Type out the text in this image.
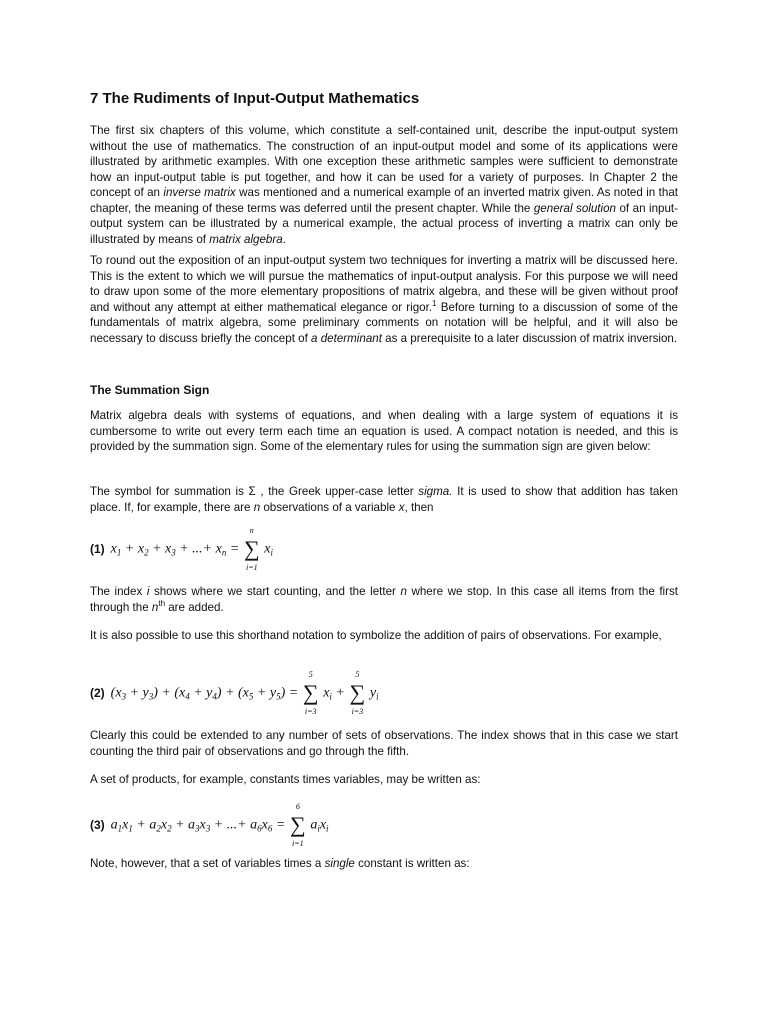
7 The Rudiments of Input-Output Mathematics

The first six chapters of this volume, which constitute a self-contained unit, describe the input-output system without the use of mathematics. The construction of an input-output model and some of its applications were illustrated by arithmetic examples. With one exception these arithmetic samples were sufficient to demonstrate how an input-output table is put together, and how it can be used for a variety of purposes. In Chapter 2 the concept of an inverse matrix was mentioned and a numerical example of an inverted matrix given. As noted in that chapter, the meaning of these terms was deferred until the present chapter. While the general solution of an input-output system can be illustrated by a numerical example, the actual process of inverting a matrix can only be illustrated by means of matrix algebra.

To round out the exposition of an input-output system two techniques for inverting a matrix will be discussed here. This is the extent to which we will pursue the mathematics of input-output analysis. For this purpose we will need to draw upon some of the more elementary propositions of matrix algebra, and these will be given without proof and without any attempt at either mathematical elegance or rigor.$^1$ Before turning to a discussion of some of the fundamentals of matrix algebra, some preliminary comments on notation will be helpful, and it will also be necessary to discuss briefly the concept of a determinant as a prerequisite to a later discussion of matrix inversion.

The Summation Sign

Matrix algebra deals with systems of equations, and when dealing with a large system of equations it is cumbersome to write out every term each time an equation is used. A compact notation is needed, and this is provided by the summation sign. Some of the elementary rules for using the summation sign are given below:

The symbol for summation is Σ , the Greek upper-case letter sigma. It is used to show that addition has taken place. If, for example, there are n observations of a variable x, then

(1) $x_1 + x_2 + x_3$ + ...+ $x_n$ =
n
∑
i=1
$x_i$

The index i shows where we start counting, and the letter n where we stop. In this case all items from the first through the $n^{th}$ are added.

It is also possible to use this shorthand notation to symbolize the addition of pairs of observations. For example,

(2) $(x_3 + y_3) + (x_4 + y_4) + (x_5 + y_5)$ =
5
∑
i=3
$x_i$ +
5
∑
i=3
$y_i$

Clearly this could be extended to any number of sets of observations. The index shows that in this case we start counting the third pair of observations and go through the fifth.

A set of products, for example, constants times variables, may be written as:

(3) $a_1x_1 + a_2x_2 + a_3x_3$ + ...+ $a_6x_6$ =
6
∑
i=1
$a_ix_i$

Note, however, that a set of variables times a single constant is written as:
